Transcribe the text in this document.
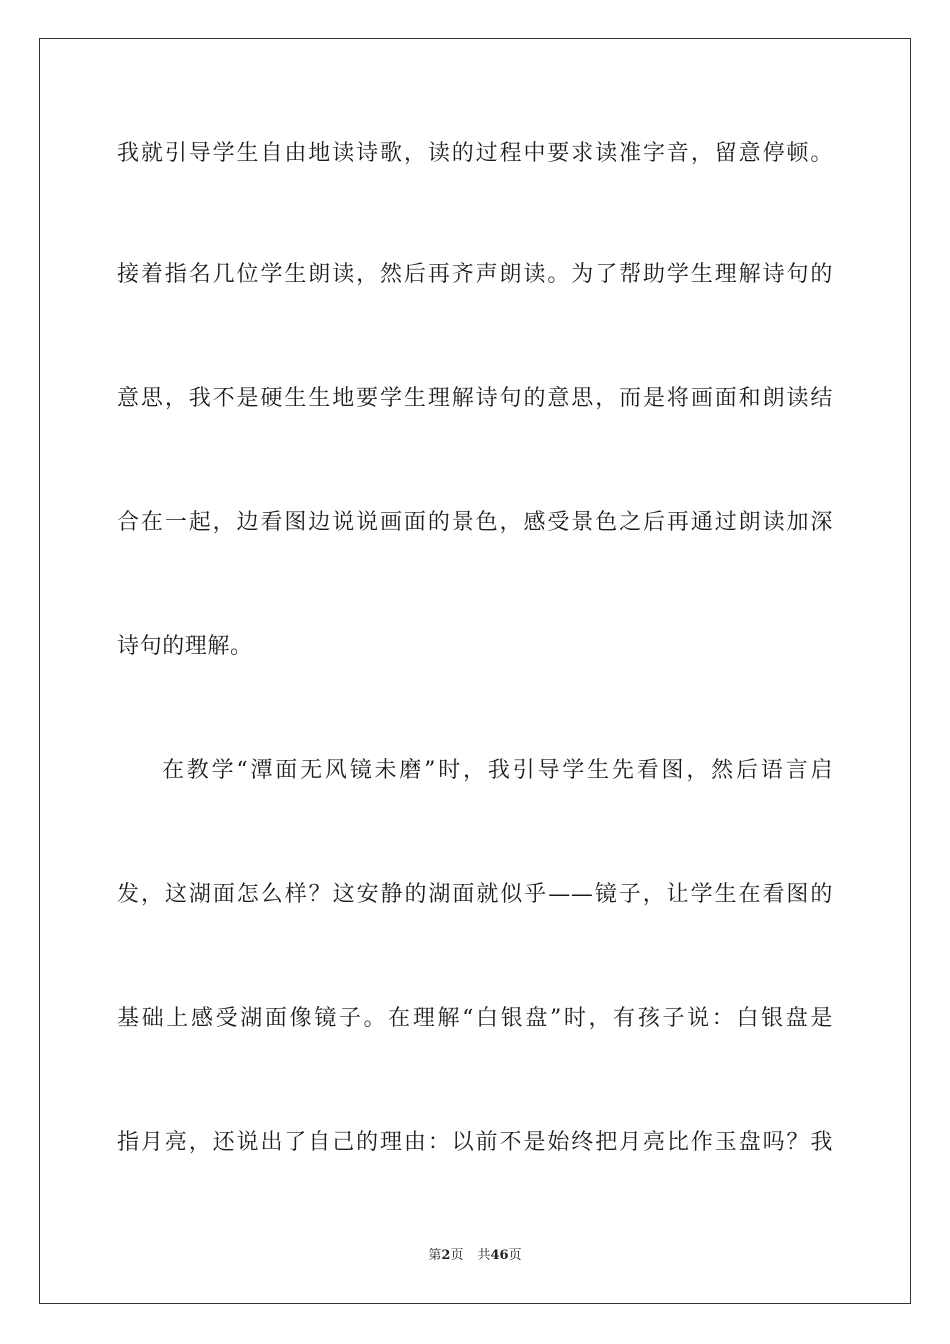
我就引导学生自由地读诗歌，读的过程中要求读准字音，留意停顿。
接着指名几位学生朗读，然后再齐声朗读。为了帮助学生理解诗句的
意思，我不是硬生生地要学生理解诗句的意思，而是将画面和朗读结
合在一起，边看图边说说画面的景色，感受景色之后再通过朗读加深
诗句的理解。
在教学“潭面无风镜未磨”时，我引导学生先看图，然后语言启
发，这湖面怎么样？这安静的湖面就似乎——镜子，让学生在看图的
基础上感受湖面像镜子。在理解“白银盘”时，有孩子说：白银盘是
指月亮，还说出了自己的理由：以前不是始终把月亮比作玉盘吗？我
第2页 共46页
